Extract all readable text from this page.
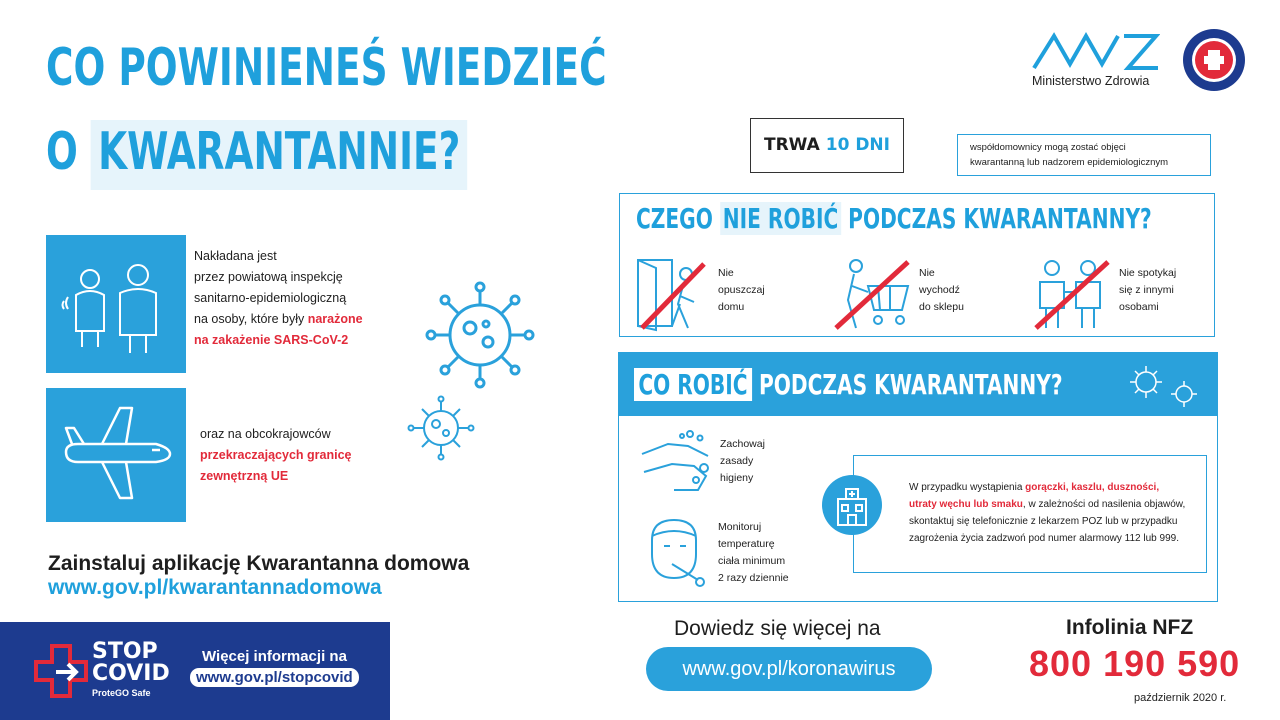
CO POWINIENEŚ WIEDZIEĆ
O KWARANTANNIE?
Ministerstwo Zdrowia
Nakładana jest
przez powiatową inspekcję
sanitarno-epidemiologiczną
na osoby, które były narażone
na zakażenie SARS-CoV-2
oraz na obcokrajowców
przekraczających granicę
zewnętrzną UE
Zainstaluj aplikację Kwarantanna domowa
www.gov.pl/kwarantannadomowa
STOP
COVID
ProteGO Safe
Więcej informacji na
www.gov.pl/stopcovid
TRWA 10 DNI	współdomownicy mogą zostać objęci
kwarantanną lub nadzorem epidemiologicznym
CZEGO NIE ROBIĆ PODCZAS KWARANTANNY?
Nie
opuszczaj
domu
Nie
wychodź
do sklepu
Nie spotykaj
się z innymi
osobami
CO ROBIĆ PODCZAS KWARANTANNY?
Zachowaj
zasady
higieny
Monitoruj
temperaturę
ciała minimum
2 razy dziennie
W przypadku wystąpienia gorączki, kaszlu, duszności,
utraty węchu lub smaku, w zależności od nasilenia objawów,
skontaktuj się telefonicznie z lekarzem POZ lub w przypadku
zagrożenia życia zadzwoń pod numer alarmowy 112 lub 999.
Dowiedz się więcej na
www.gov.pl/koronawirus
Infolinia NFZ
800 190 590
październik 2020 r.
